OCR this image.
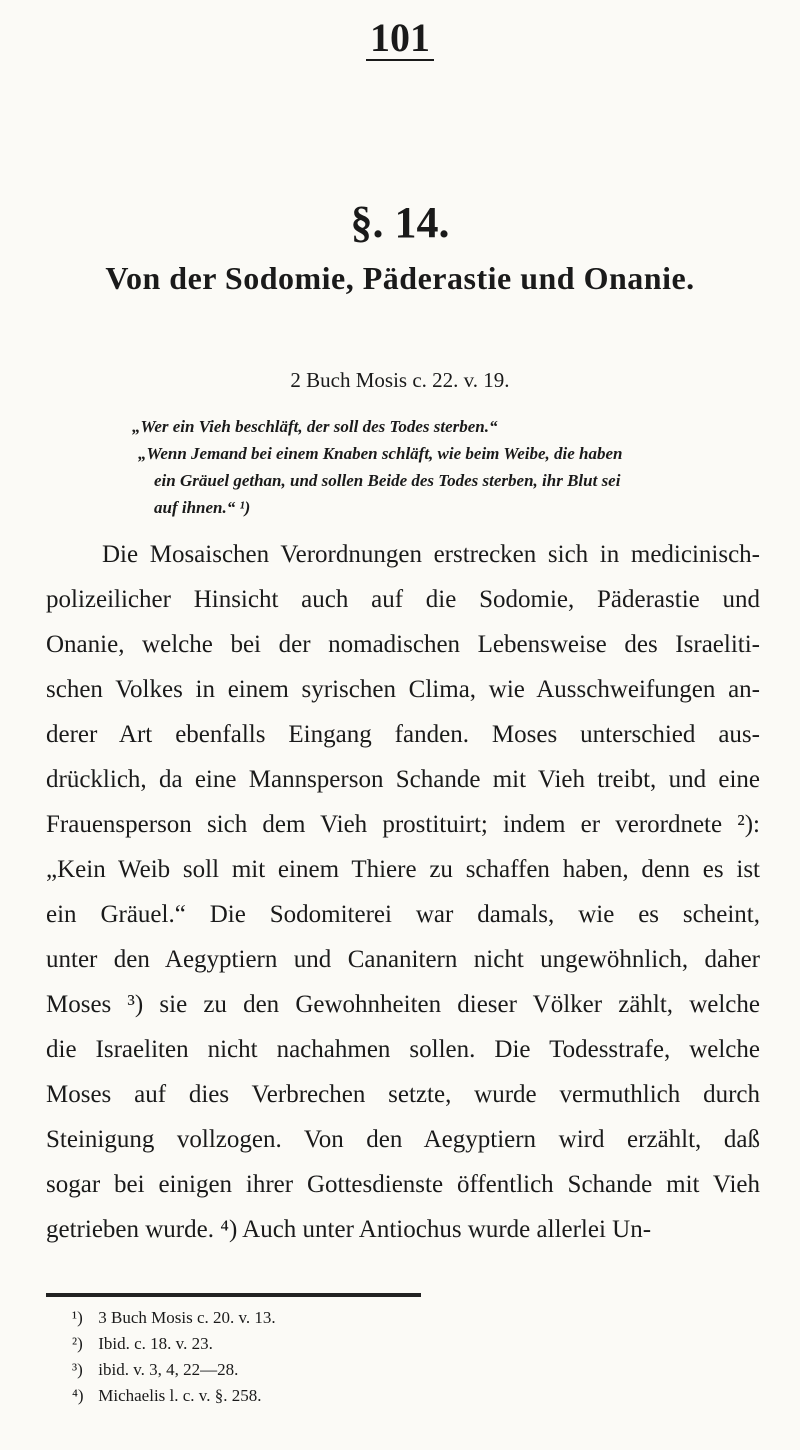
101
§. 14.
Von der Sodomie, Päderastie und Onanie.
2 Buch Mosis c. 22. v. 19.

„Wer ein Vieh beschläft, der soll des Todes sterben.“

„Wenn Jemand bei einem Knaben schläft, wie beim Weibe, die haben
ein Gräuel gethan, und sollen Beide des Todes sterben, ihr Blut sei
auf ihnen.“ ¹)

Die Mosaischen Verordnungen erstrecken sich in medicinisch-
polizeilicher Hinsicht auch auf die Sodomie, Päderastie und
Onanie, welche bei der nomadischen Lebensweise des Israeliti-
schen Volkes in einem syrischen Clima, wie Ausschweifungen an-
derer Art ebenfalls Eingang fanden. Moses unterschied aus-
drücklich, da eine Mannsperson Schande mit Vieh treibt, und eine
Frauensperson sich dem Vieh prostituirt; indem er verordnete ²):
„Kein Weib soll mit einem Thiere zu schaffen haben, denn es ist
ein Gräuel.“ Die Sodomiterei war damals, wie es scheint,
unter den Aegyptiern und Cananitern nicht ungewöhnlich, daher
Moses ³) sie zu den Gewohnheiten dieser Völker zählt, welche
die Israeliten nicht nachahmen sollen. Die Todesstrafe, welche
Moses auf dies Verbrechen setzte, wurde vermuthlich durch
Steinigung vollzogen. Von den Aegyptiern wird erzählt, daß
sogar bei einigen ihrer Gottesdienste öffentlich Schande mit Vieh
getrieben wurde. ⁴) Auch unter Antiochus wurde allerlei Un-
¹) 3 Buch Mosis c. 20. v. 13.
²) Ibid. c. 18. v. 23.
³) ibid. v. 3, 4, 22—28.
⁴) Michaelis l. c. v. §. 258.
